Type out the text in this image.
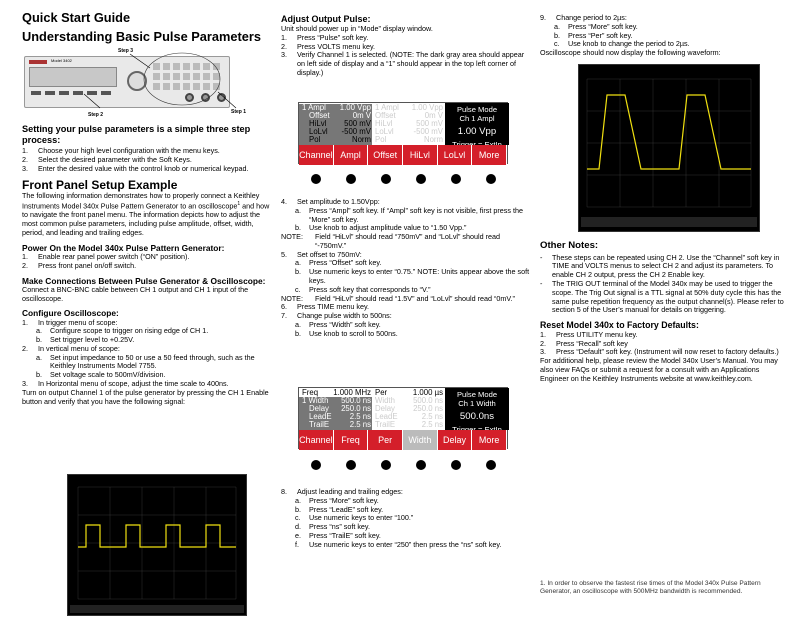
Quick Start Guide
Understanding Basic Pulse Parameters
Step 3
Step 2	Step 1
Model 3402
Setting your pulse parameters is a simple three step process:
1.	Choose your high level configuration with the menu keys.
2.	Select the desired parameter with the Soft Keys.
3.	Enter the desired value with the control knob or numerical keypad.
Front Panel Setup Example

The following information demonstrates how to properly connect a Keithley Instruments Model 340x Pulse Pattern Generator to an oscilloscope$^1$ and how to navigate the front panel menu. The information depicts how to adjust the most common pulse parameters, including pulse amplitude, offset, width, period, and leading and trailing edges.

Power On the Model 340x Pulse Pattern Generator:
1.	Enable rear panel power switch (“ON” position).
2.	Press front panel on/off switch.
Make Connections Between Pulse Generator & Oscilloscope:

Connect a BNC-BNC cable between CH 1 output and CH 1 input of the oscilloscope.

Configure Oscilloscope:
1.	In trigger menu of scope:
a.	Configure scope to trigger on rising edge of CH 1.
b.	Set trigger level to +0.25V.
2.	In vertical menu of scope:
a.	Set input impedance to 50 or use a 50 feed through, such as the Keithley Instruments Model 7755.
b.	Set voltage scale to 500mV/division.
3.	In Horizontal menu of scope, adjust the time scale to 400ns.

Turn on output Channel 1 of the pulse generator by pressing the CH 1 Enable button and verify that you have the following signal:

Adjust Output Pulse:

Unit should power up in “Mode” display window.

1.	Press “Pulse” soft key.
2.	Press VOLTS menu key.
3.	Verify Channel 1 is selected. (NOTE: The dark gray area should appear on left side of display and a “1” should appear in the top left corner of display.)
1 Ampl	1.00 Vpp 1 Ampl	1.00 Vpp
Offset	0m V Offset	0m V
HiLvl	500 mV HiLvl	500 mV
LoLvl	-500 mV LoLvl	-500 mV
Pol	Norm Pol	Norm
Pulse Mode
Ch 1 Ampl
1.00 Vpp
Channel Ampl	Offset	HiLvl	LoLvl	More
4.	Set amplitude to 1.50Vpp:
a.	Press “Ampl” soft key. If “Ampl” soft key is not visible, first press the “More” soft key.
b.	Use knob to adjust amplitude value to “1.50 Vpp.”
NOTE:	Field “HiLvl” should read “750mV” and “LoLvl” should read “-750mV.”
5.	Set offset to 750mV:
a.	Press “Offset” soft key.
b.	Use numeric keys to enter “0.75.” NOTE: Units appear above the soft keys.
c.	Press soft key that corresponds to “V.”
NOTE:	Field “HiLvl” should read “1.5V” and “LoLvl” should read “0mV.”
6.	Press TIME menu key.
7.	Change pulse width to 500ns:
a.	Press “Width” soft key.
b.	Use knob to scroll to 500ns.
Freq	1.000 MHz Per	1.000 µs
1 Width	500.0 ns Width	500.0 ns
Delay	250.0 ns Delay	250.0 ns
LeadE	2.5 ns LeadE	2.5 ns
TrailE	2.5 ns TrailE	2.5 ns
Pulse Mode
Ch 1 Width
500.0ns
Channel Freq	Per	Width	Delay	More
8.	Adjust leading and trailing edges:
a.	Press “More” soft key.
b.	Press “LeadE” soft key.
c.	Use numeric keys to enter “100.”
d.	Press “ns” soft key.
e.	Press “TrailE” soft key.
f.	Use numeric keys to enter “250” then press the “ns” soft key.
9.	Change period to 2µs:
a.	Press “More” soft key.
b.	Press “Per” soft key.
c.	Use knob to change the period to 2µs.

Oscilloscope should now display the following waveform:

Other Notes:
-	These steps can be repeated using CH 2. Use the “Channel” soft key in TIME and VOLTS menus to select CH 2 and adjust its parameters. To enable CH 2 output, press the CH 2 Enable key.
-	The TRIG OUT terminal of the Model 340x may be used to trigger the scope. The Trig Out signal is a TTL signal at 50% duty cycle this has the same pulse repetition frequency as the output channel(s). Please refer to section 5 of the User’s manual for details on triggering.
Reset Model 340x to Factory Defaults:
1.	Press UTILITY menu key.
2.	Press “Recall” soft key
3.	Press “Default” soft key. (Instrument will now reset to factory defaults.)

For additional help, please review the Model 340x User’s Manual. You may also view FAQs or submit a request for a consult with an Applications Engineer on the Keithley Instruments website at www.keithley.com.

1. In order to observe the fastest rise times of the Model 340x Pulse Pattern Generator, an oscilloscope with 500MHz bandwidth is recommended.
